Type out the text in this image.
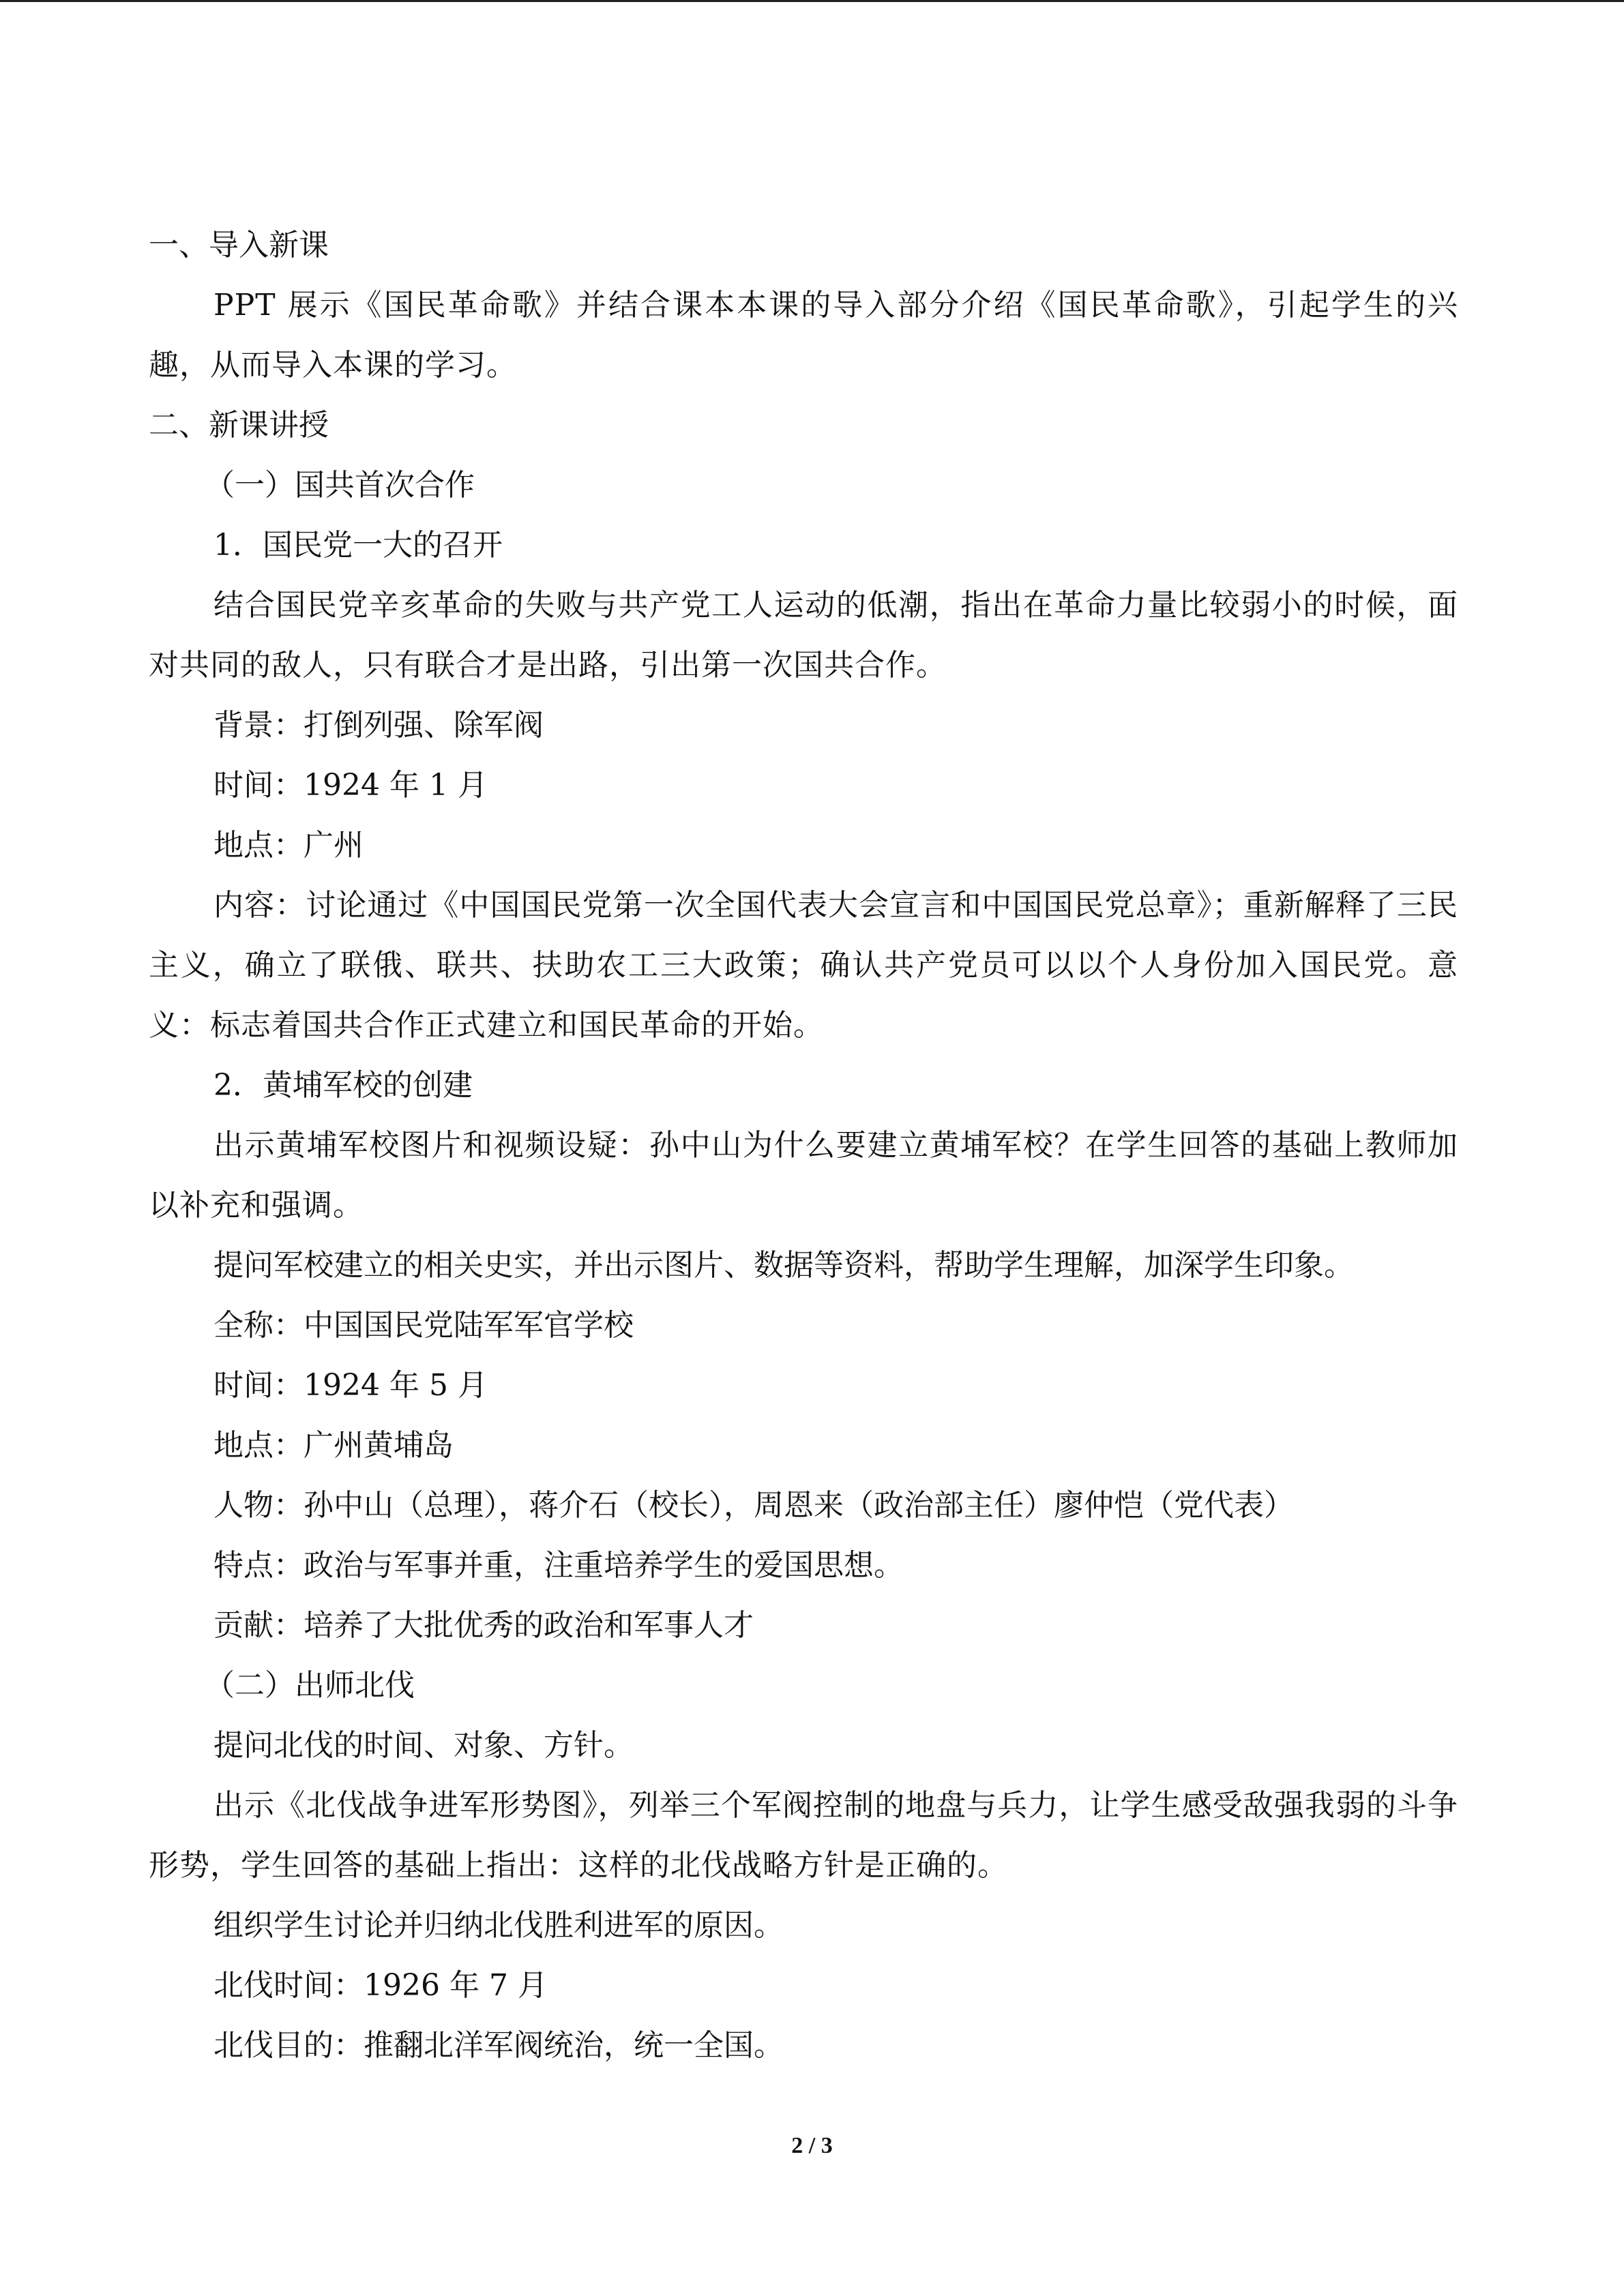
一、导入新课
PPT 展示《国民革命歌》并结合课本本课的导入部分介绍《国民革命歌》，引起学生的兴趣，从而导入本课的学习。
二、新课讲授
（一）国共首次合作
1．国民党一大的召开
结合国民党辛亥革命的失败与共产党工人运动的低潮，指出在革命力量比较弱小的时候，面对共同的敌人，只有联合才是出路，引出第一次国共合作。
背景：打倒列强、除军阀
时间：1924 年 1 月
地点：广州
内容：讨论通过《中国国民党第一次全国代表大会宣言和中国国民党总章》；重新解释了三民主义，确立了联俄、联共、扶助农工三大政策；确认共产党员可以以个人身份加入国民党。意义：标志着国共合作正式建立和国民革命的开始。
2．黄埔军校的创建
出示黄埔军校图片和视频设疑：孙中山为什么要建立黄埔军校？在学生回答的基础上教师加以补充和强调。
提问军校建立的相关史实，并出示图片、数据等资料，帮助学生理解，加深学生印象。
全称：中国国民党陆军军官学校
时间：1924 年 5 月
地点：广州黄埔岛
人物：孙中山（总理），蒋介石（校长），周恩来（政治部主任）廖仲恺（党代表）
特点：政治与军事并重，注重培养学生的爱国思想。
贡献：培养了大批优秀的政治和军事人才
（二）出师北伐
提问北伐的时间、对象、方针。
出示《北伐战争进军形势图》，列举三个军阀控制的地盘与兵力，让学生感受敌强我弱的斗争形势，学生回答的基础上指出：这样的北伐战略方针是正确的。
组织学生讨论并归纳北伐胜利进军的原因。
北伐时间：1926 年 7 月
北伐目的：推翻北洋军阀统治，统一全国。
2 / 3
